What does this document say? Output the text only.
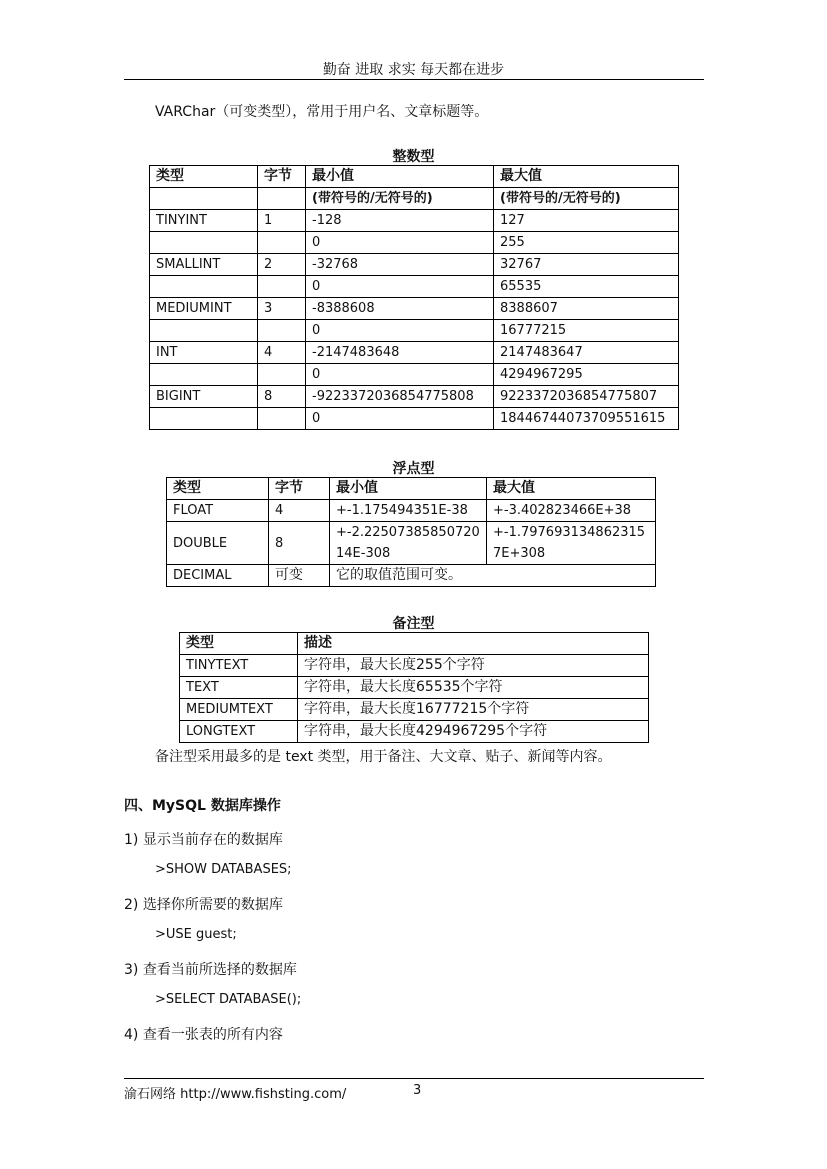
勤奋 进取 求实 每天都在进步
VARChar（可变类型），常用于用户名、文章标题等。
整数型
类型	字节	最小值	最大值
		(带符号的/无符号的)	(带符号的/无符号的)
TINYINT	1	-128	127
		0	255
SMALLINT	2	-32768	32767
		0	65535
MEDIUMINT	3	-8388608	8388607
		0	16777215
INT	4	-2147483648	2147483647
		0	4294967295
BIGINT	8	-9223372036854775808	9223372036854775807
		0	18446744073709551615
浮点型
类型	字节	最小值	最大值
FLOAT	4	+-1.175494351E-38	+-3.402823466E+38
DOUBLE	8	+-2.2250738585072014E-308	+-1.7976931348623157E+308
DECIMAL	可变	它的取值范围可变。	
备注型
类型	描述
TINYTEXT	字符串，最大长度255个字符
TEXT	字符串，最大长度65535个字符
MEDIUMTEXT	字符串，最大长度16777215个字符
LONGTEXT	字符串，最大长度4294967295个字符
备注型采用最多的是 text 类型，用于备注、大文章、贴子、新闻等内容。
四、MySQL 数据库操作
1) 显示当前存在的数据库
>SHOW DATABASES;
2) 选择你所需要的数据库
>USE guest;
3) 查看当前所选择的数据库
>SELECT DATABASE();
4) 查看一张表的所有内容
渝石网络 http://www.fishsting.com/	3
